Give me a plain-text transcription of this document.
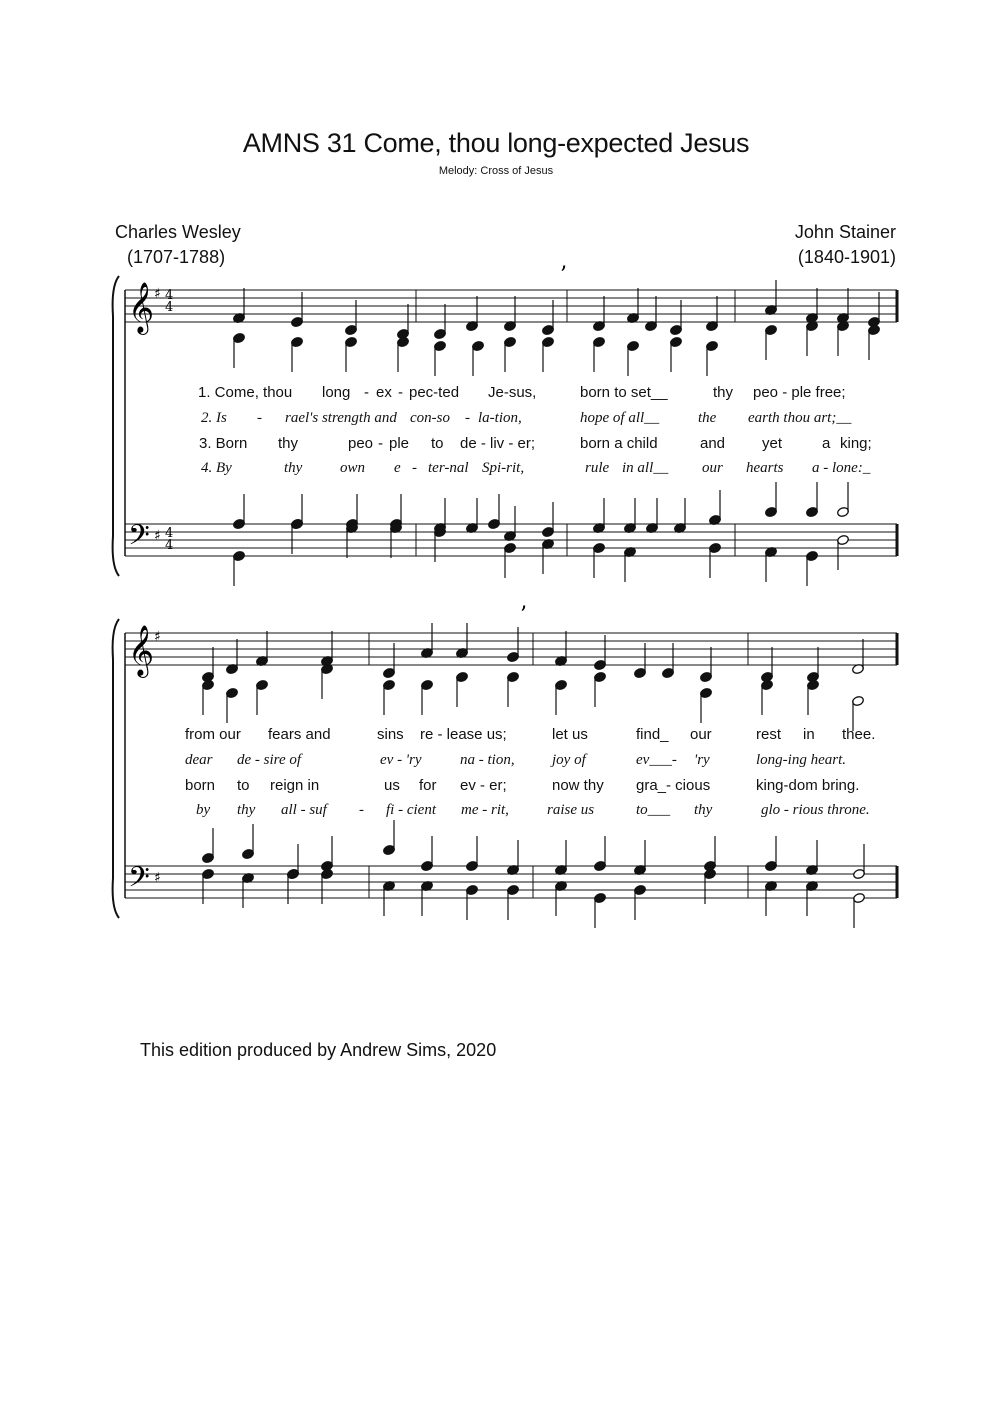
AMNS 31 Come, thou long-expected Jesus
Melody: Cross of Jesus
Charles Wesley
(1707-1788)
John Stainer
(1840-1901)
4
4
4
4
𝄞
𝄢
♯
♯
𝄞
𝄢
♯
♯
’
’
1. Come, thou long - ex - pec-ted Je-sus,	born to set__	thy peo - ple free;
2. Is - rael's strength and con-so - la-tion,	hope of all__	the earth thou art;__
3. Born thy	peo - ple to de - liv - er;	born a child	and yet	a king;
4. By	thy	own e - ter-nal Spi-rit,	rule in all__ our hearts a - lone:_
from our fears and	sins re - lease us;	let us	find_ our	rest in thee.
dear de - sire of	ev - 'ry	na - tion, joy of	ev___- 'ry	long-ing heart.
born to reign in	us for ev - er;	now thy gra_- cious	king-dom bring.
by thy all - suf - fi - cient me - rit,	raise us	to___ thy	glo - rious throne.
This edition produced by Andrew Sims, 2020
